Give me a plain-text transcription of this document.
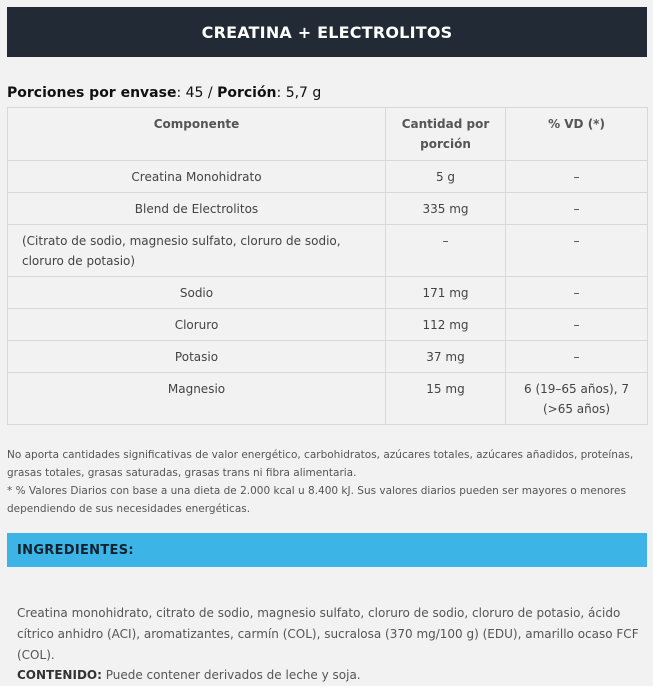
CREATINA + ELECTROLITOS
Porciones por envase: 45 / Porción: 5,7 g
Componente	Cantidad por porción	% VD (*)
Creatina Monohidrato	5 g	–
Blend de Electrolitos	335 mg	–
(Citrato de sodio, magnesio sulfato, cloruro de sodio, cloruro de potasio)	–	–
Sodio	171 mg	–
Cloruro	112 mg	–
Potasio	37 mg	–
Magnesio	15 mg	6 (19–65 años), 7 (>65 años)
No aporta cantidades significativas de valor energético, carbohidratos, azúcares totales, azúcares añadidos, proteínas, grasas totales, grasas saturadas, grasas trans ni fibra alimentaria.
* % Valores Diarios con base a una dieta de 2.000 kcal u 8.400 kJ. Sus valores diarios pueden ser mayores o menores dependiendo de sus necesidades energéticas.
INGREDIENTES:
Creatina monohidrato, citrato de sodio, magnesio sulfato, cloruro de sodio, cloruro de potasio, ácido cítrico anhidro (ACI), aromatizantes, carmín (COL), sucralosa (370 mg/100 g) (EDU), amarillo ocaso FCF (COL).
CONTENIDO: Puede contener derivados de leche y soja.
